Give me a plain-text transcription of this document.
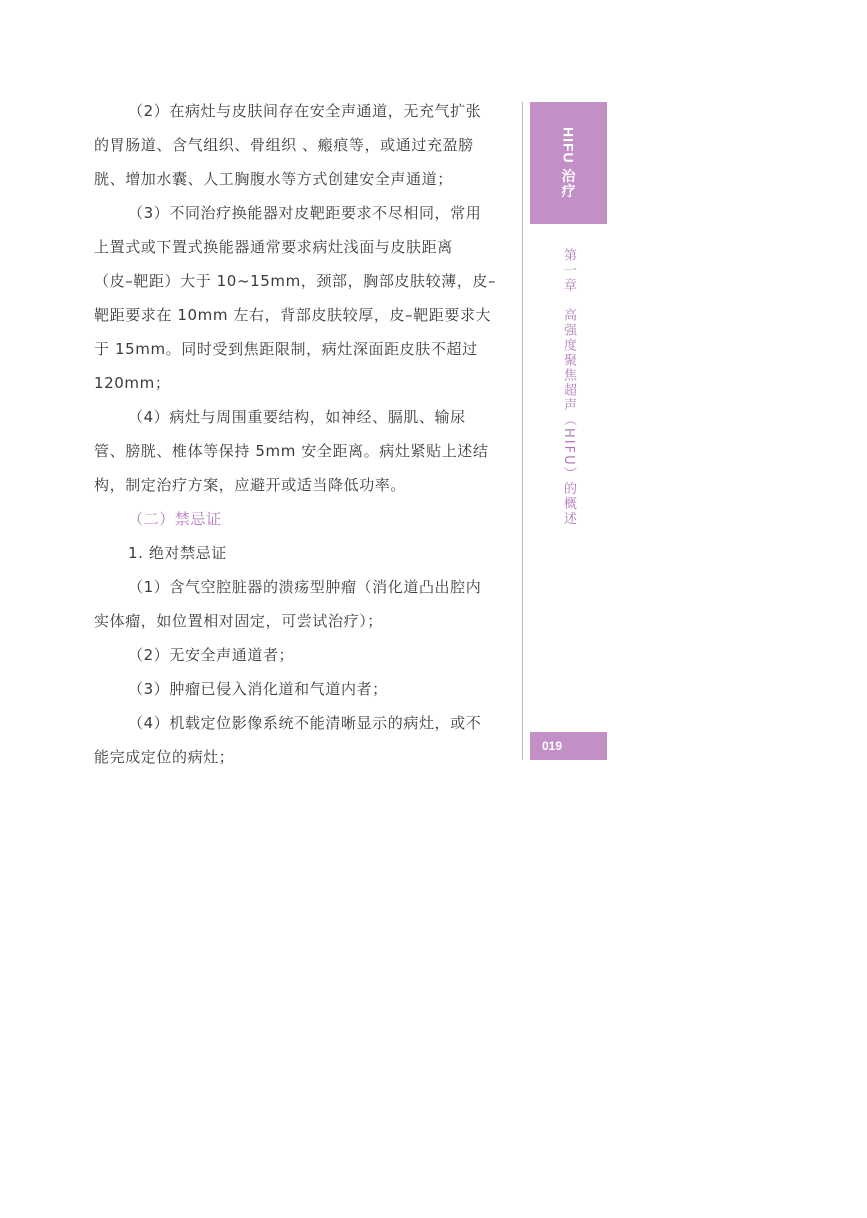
（2）在病灶与皮肤间存在安全声通道，无充气扩张
的胃肠道、含气组织、骨组织 、瘢痕等，或通过充盈膀
胱、增加水囊、人工胸腹水等方式创建安全声通道；
（3）不同治疗换能器对皮靶距要求不尽相同，常用
上置式或下置式换能器通常要求病灶浅面与皮肤距离
（皮–靶距）大于 10~15mm，颈部，胸部皮肤较薄，皮–
靶距要求在 10mm 左右，背部皮肤较厚，皮–靶距要求大
于 15mm。同时受到焦距限制，病灶深面距皮肤不超过
120mm；
（4）病灶与周围重要结构，如神经、膈肌、输尿
管、膀胱、椎体等保持 5mm 安全距离。病灶紧贴上述结
构，制定治疗方案，应避开或适当降低功率。
（二）禁忌证
1. 绝对禁忌证
（1）含气空腔脏器的溃疡型肿瘤（消化道凸出腔内
实体瘤，如位置相对固定，可尝试治疗）；
（2）无安全声通道者；
（3）肿瘤已侵入消化道和气道内者；
（4）机载定位影像系统不能清晰显示的病灶，或不
能完成定位的病灶；
HIFU 治疗
第一章　高强度聚焦超声（HIFU）的概述
019
